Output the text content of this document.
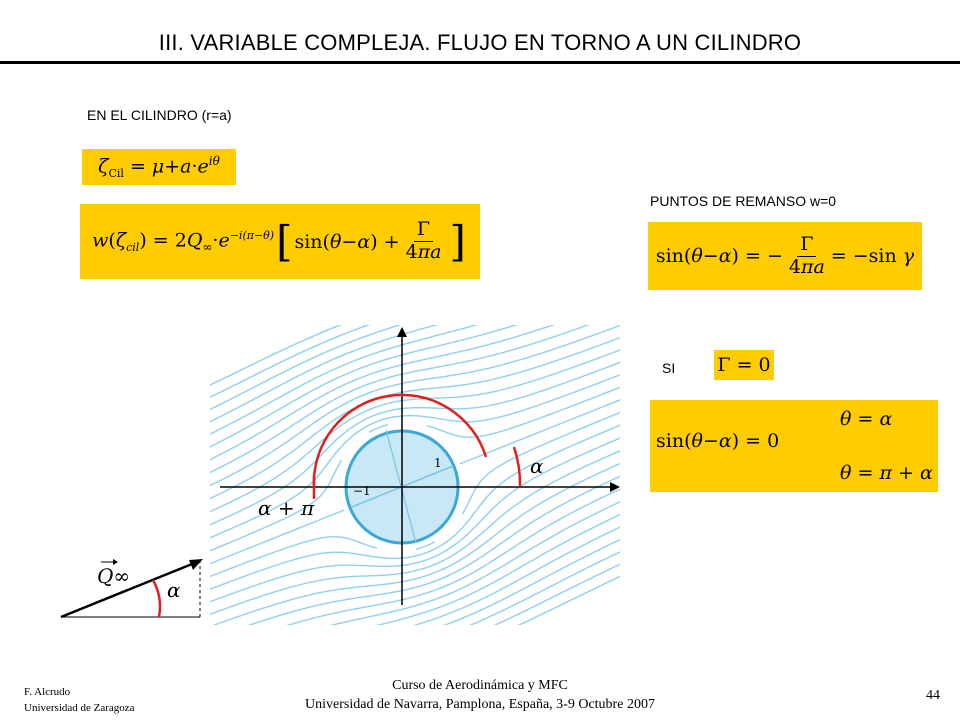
III. VARIABLE COMPLEJA. FLUJO EN TORNO A UN CILINDRO
EN EL CILINDRO (r=a)
$\zeta_{Cil} = \mu+a\cdot e^{i\theta}$
$w(\zeta_{cil}) = 2Q_\infty\cdot e^{-i(\pi-\theta)}$ [ $\sin(\theta-\alpha) + \frac{\Gamma}{4\pi a}$ ]
PUNTOS DE REMANSO w=0
sin(θ−α) = − $\frac{\Gamma}{4\pi a} = -\sin$ γ
SI Γ = 0
sin(θ−α) = 0
θ = α
θ = π + α
α
α + π
1
−1
α
Q∞
F. Alcrudo
Universidad de Zaragoza
Curso de Aerodinámica y MFC
Universidad de Navarra, Pamplona, España, 3-9 Octubre 2007
44
